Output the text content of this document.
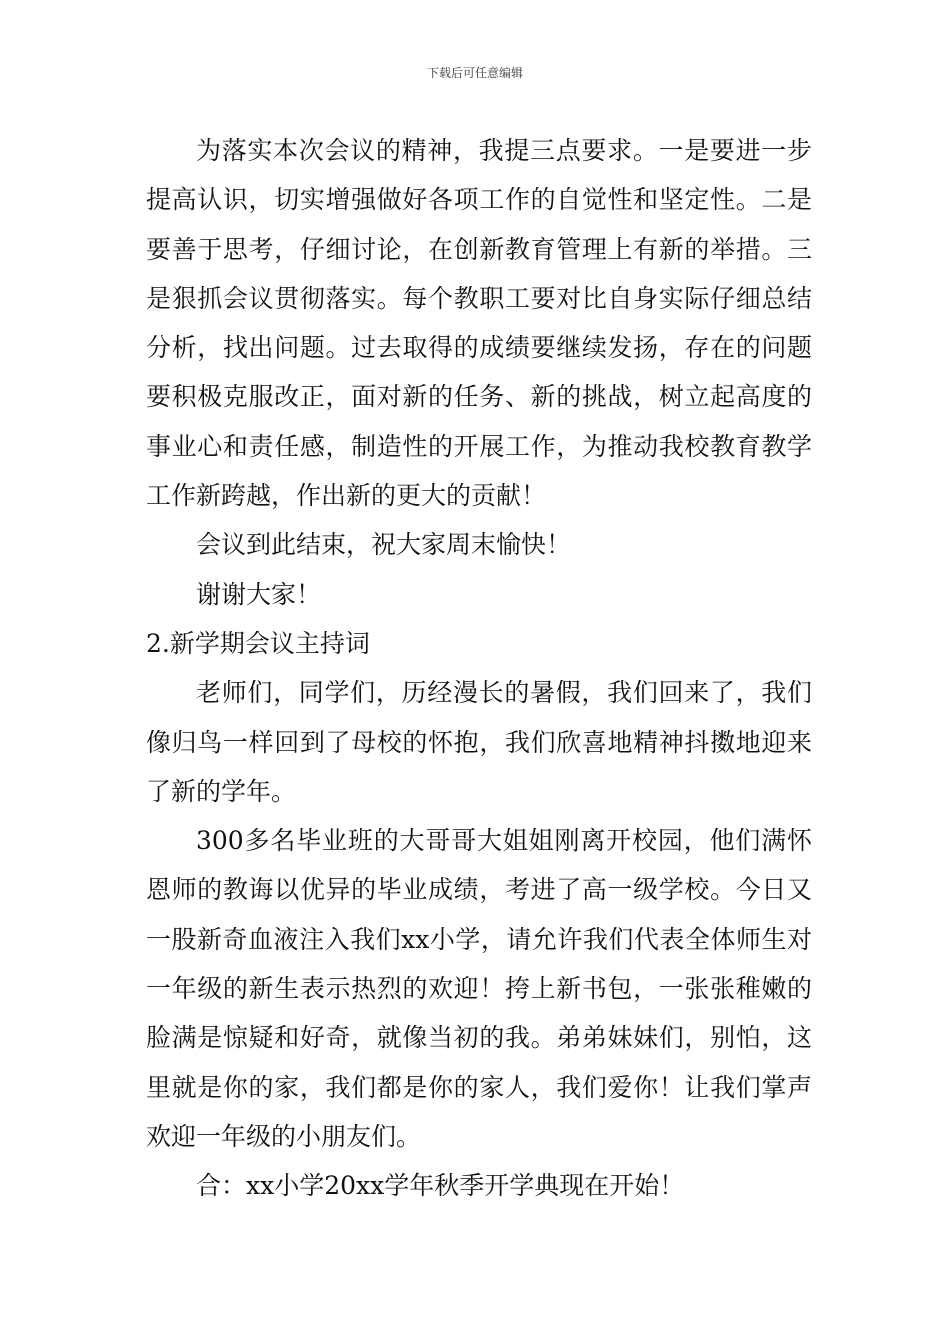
下载后可任意编辑

为落实本次会议的精神，我提三点要求。一是要进一步提高认识，切实增强做好各项工作的自觉性和坚定性。二是要善于思考，仔细讨论，在创新教育管理上有新的举措。三是狠抓会议贯彻落实。每个教职工要对比自身实际仔细总结分析，找出问题。过去取得的成绩要继续发扬，存在的问题要积极克服改正，面对新的任务、新的挑战，树立起高度的事业心和责任感，制造性的开展工作，为推动我校教育教学工作新跨越，作出新的更大的贡献！

会议到此结束，祝大家周末愉快！

谢谢大家！

2.新学期会议主持词

老师们，同学们，历经漫长的暑假，我们回来了，我们像归鸟一样回到了母校的怀抱，我们欣喜地精神抖擞地迎来了新的学年。

300多名毕业班的大哥哥大姐姐刚离开校园，他们满怀恩师的教诲以优异的毕业成绩，考进了高一级学校。今日又一股新奇血液注入我们xx小学，请允许我们代表全体师生对一年级的新生表示热烈的欢迎！挎上新书包，一张张稚嫩的脸满是惊疑和好奇，就像当初的我。弟弟妹妹们，别怕，这里就是你的家，我们都是你的家人，我们爱你！让我们掌声欢迎一年级的小朋友们。

合：xx小学20xx学年秋季开学典现在开始！
